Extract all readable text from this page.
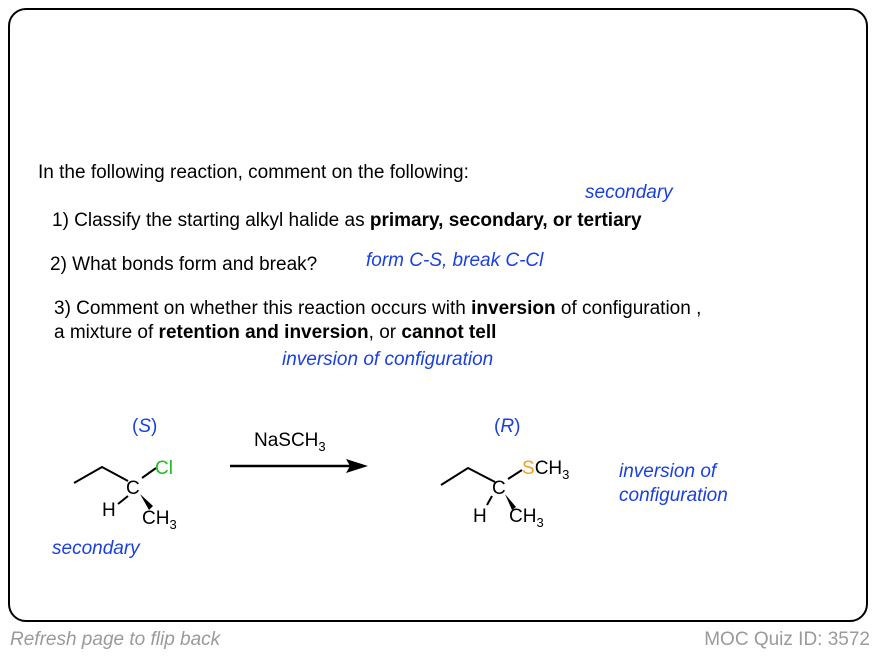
In the following reaction, comment on the following:
1) Classify the starting alkyl halide as primary, secondary, or tertiary
2) What bonds form and break?
3) Comment on whether this reaction occurs with inversion of configuration ,
a mixture of retention and inversion, or cannot tell
secondary
form C-S, break C-Cl
inversion of configuration
secondary
inversion of
configuration
(S)
C
H
Cl
$CH_3$
NaSCH$_3$
(R)
C
H
$SCH_3$
$CH_3$
Refresh page to flip back	MOC Quiz ID: 3572
